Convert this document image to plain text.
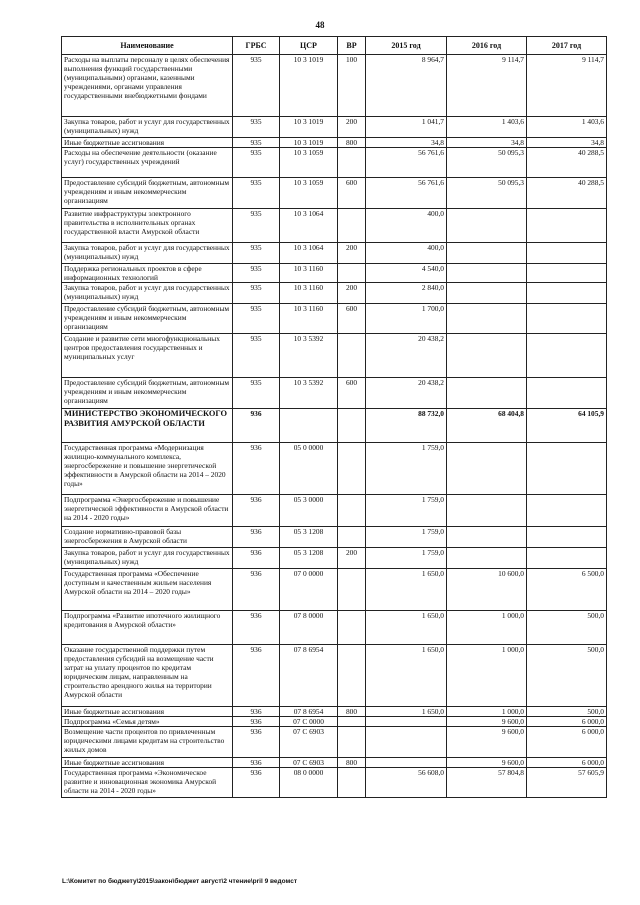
48
Наименование	ГРБС	ЦСР	ВР	2015 год	2016 год	2017 год
Расходы на выплаты персоналу в целях обеспечения выполнения функций государственными (муниципальными) органами, казенными учреждениями, органами управления государственными внебюджетными фондами	935	10 3 1019	100	8 964,7	9 114,7	9 114,7
Закупка товаров, работ и услуг для государственных (муниципальных) нужд	935	10 3 1019	200	1 041,7	1 403,6	1 403,6
Иные бюджетные ассигнования	935	10 3 1019	800	34,8	34,8	34,8
Расходы на обеспечение деятельности (оказание услуг) государственных учреждений	935	10 3 1059		56 761,6	50 095,3	40 288,5
Предоставление субсидий бюджетным, автономным учреждениям и иным некоммерческим организациям	935	10 3 1059	600	56 761,6	50 095,3	40 288,5
Развитие инфраструктуры электронного правительства в исполнительных органах государственной власти Амурской области	935	10 3 1064		400,0		
Закупка товаров, работ и услуг для государственных (муниципальных) нужд	935	10 3 1064	200	400,0		
Поддержка региональных проектов в сфере информационных технологий	935	10 3 1160		4 540,0		
Закупка товаров, работ и услуг для государственных (муниципальных) нужд	935	10 3 1160	200	2 840,0		
Предоставление субсидий бюджетным, автономным учреждениям и иным некоммерческим организациям	935	10 3 1160	600	1 700,0		
Создание и развитие сети многофункциональных центров предоставления государственных и муниципальных услуг	935	10 3 5392		20 438,2		
Предоставление субсидий бюджетным, автономным учреждениям и иным некоммерческим организациям	935	10 3 5392	600	20 438,2		
МИНИСТЕРСТВО ЭКОНОМИЧЕСКОГО РАЗВИТИЯ АМУРСКОЙ ОБЛАСТИ	936			88 732,0	68 404,8	64 105,9
Государственная программа «Модернизация жилищно-коммунального комплекса, энергосбережение и повышение энергетической эффективности в Амурской области на 2014 – 2020 годы»	936	05 0 0000		1 759,0		
Подпрограмма «Энергосбережение и повышение энергетической эффективности в Амурской области на 2014 - 2020 годы»	936	05 3 0000		1 759,0		
Создание нормативно-правовой базы энергосбережения в Амурской области	936	05 3 1208		1 759,0		
Закупка товаров, работ и услуг для государственных (муниципальных) нужд	936	05 3 1208	200	1 759,0		
Государственная программа «Обеспечение доступным и качественным жильем населения Амурской области на 2014 – 2020 годы»	936	07 0 0000		1 650,0	10 600,0	6 500,0
Подпрограмма «Развитие ипотечного жилищного кредитования в Амурской области»	936	07 8 0000		1 650,0	1 000,0	500,0
Оказание государственной поддержки путем предоставления субсидий на возмещение части затрат на уплату процентов по кредитам юридическим лицам, направленным на строительство арендного жилья на территории Амурской области	936	07 8 6954		1 650,0	1 000,0	500,0
Иные бюджетные ассигнования	936	07 8 6954	800	1 650,0	1 000,0	500,0
Подпрограмма «Семья детям»	936	07 С 0000			9 600,0	6 000,0
Возмещение части процентов по привлеченным юридическими лицами кредитам на строительство жилых домов	936	07 С 6903			9 600,0	6 000,0
Иные бюджетные ассигнования	936	07 С 6903	800		9 600,0	6 000,0
Государственная программа «Экономическое развитие и инновационная экономика Амурской области на 2014 - 2020 годы»	936	08 0 0000		56 608,0	57 804,8	57 605,9
L:\Комитет по бюджету\2015\закон\бюджет август\2 чтение\pril 9 ведомст
